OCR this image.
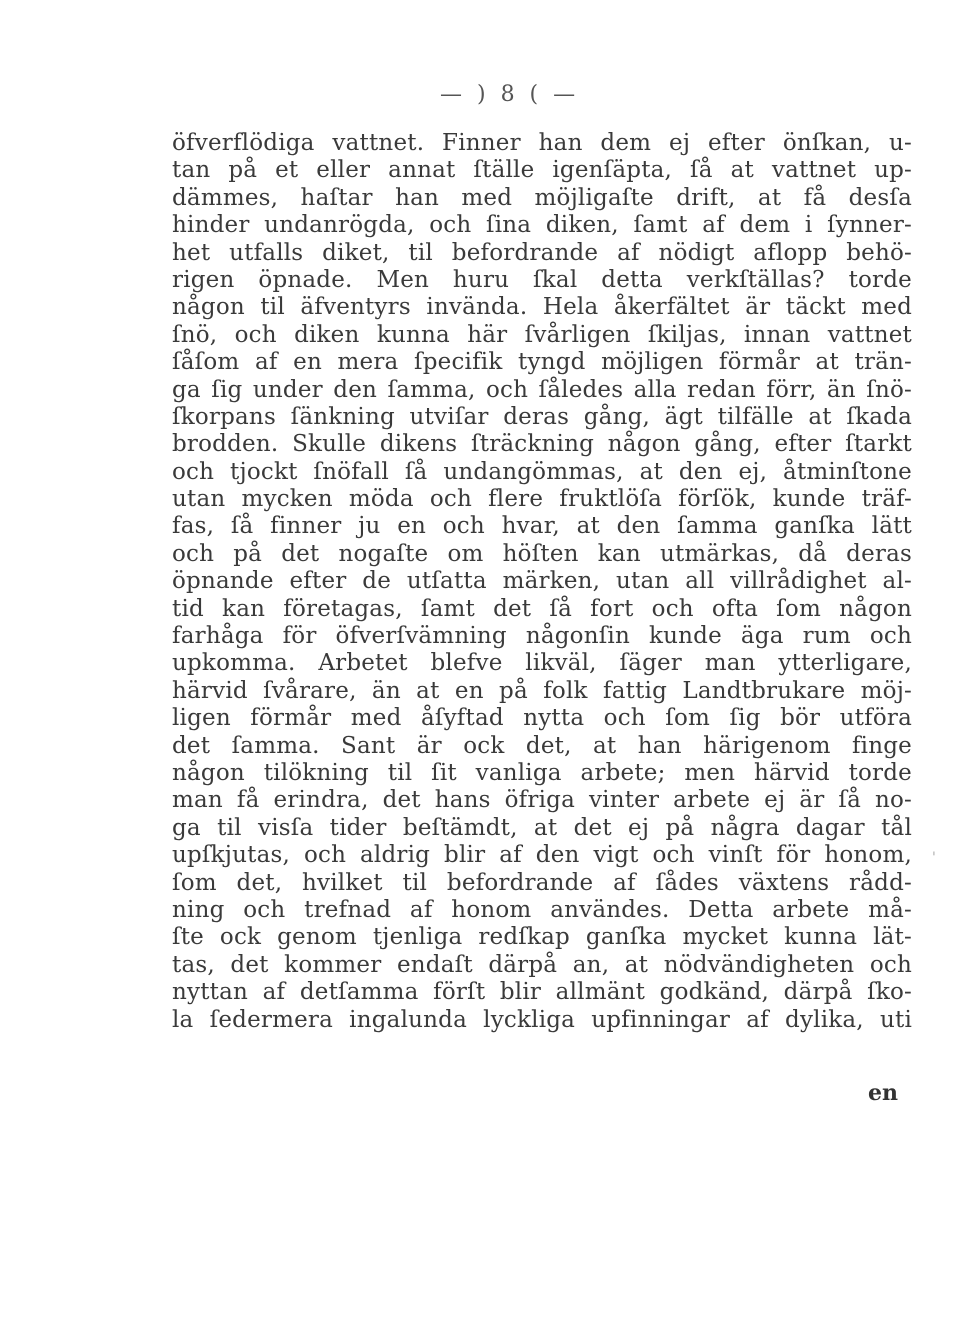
— ) 8 ( —
öfverflödiga vattnet. Finner han dem ej efter önſkan, u-
tan på et eller annat ſtälle igenſäpta, ſå at vattnet up-
dämmes, haſtar han med möjligaſte drift, at få desſa
hinder undanrögda, och ſina diken, ſamt af dem i ſynner-
het utfalls diket, til befordrande af nödigt aflopp behö-
rigen öpnade. Men huru ſkal detta verkſtällas? torde
någon til äfventyrs invända. Hela åkerfältet är täckt med
ſnö, och diken kunna här ſvårligen ſkiljas, innan vattnet
ſåſom af en mera ſpecifik tyngd möjligen förmår at trän-
ga ſig under den ſamma, och ſåledes alla redan förr, än ſnö-
ſkorpans ſänkning utviſar deras gång, ägt tilfälle at ſkada
brodden. Skulle dikens ſträckning någon gång, efter ſtarkt
och tjockt ſnöfall ſå undangömmas, at den ej, åtminſtone
utan mycken möda och flere fruktlöſa förſök, kunde träf-
fas, ſå finner ju en och hvar, at den ſamma ganſka lätt
och på det nogaſte om höſten kan utmärkas, då deras
öpnande efter de utſatta märken, utan all villrådighet al-
tid kan företagas, ſamt det ſå fort och ofta ſom någon
farhåga för öfverſvämning någonſin kunde äga rum och
upkomma. Arbetet blefve likväl, ſäger man ytterligare,
härvid ſvårare, än at en på folk fattig Landtbrukare möj-
ligen förmår med åſyftad nytta och ſom ſig bör utföra
det ſamma. Sant är ock det, at han härigenom finge
någon tilökning til ſit vanliga arbete; men härvid torde
man få erindra, det hans öfriga vinter arbete ej är ſå no-
ga til visſa tider beſtämdt, at det ej på några dagar tål
upſkjutas, och aldrig blir af den vigt och vinſt för honom,
ſom det, hvilket til befordrande af ſådes växtens rådd-
ning och trefnad af honom användes. Detta arbete må-
ſte ock genom tjenliga redſkap ganſka mycket kunna lät-
tas, det kommer endaſt därpå an, at nödvändigheten och
nyttan af detſamma förſt blir allmänt godkänd, därpå ſko-
la ſedermera ingalunda lyckliga upfinningar af dylika, uti
en
'
